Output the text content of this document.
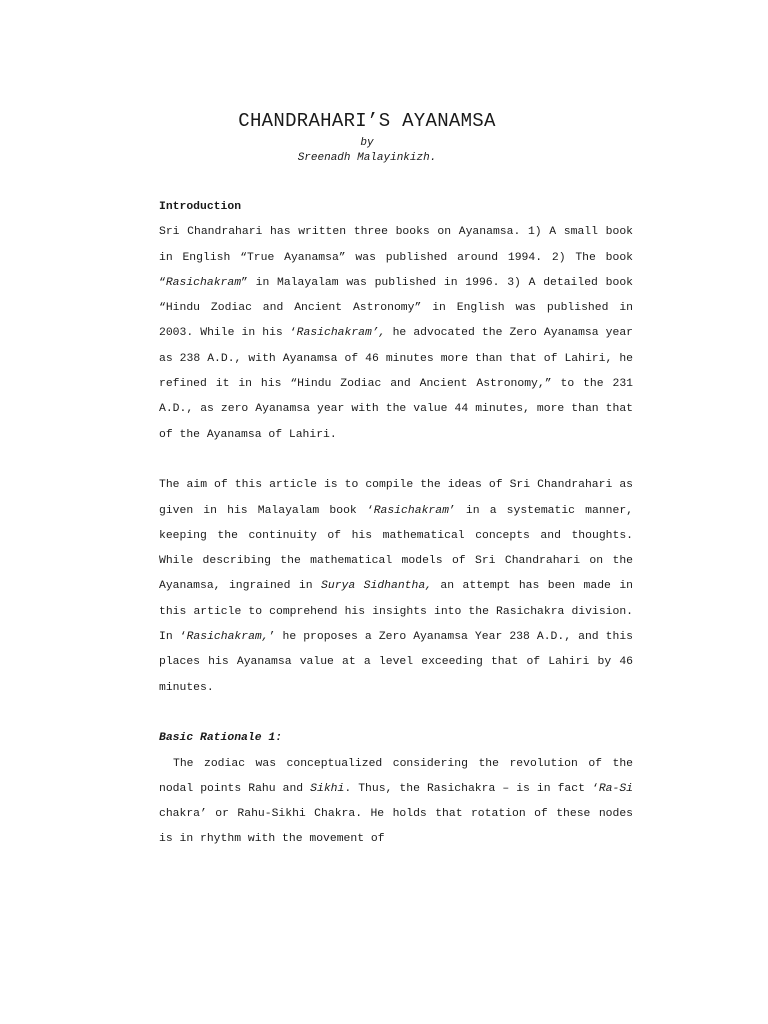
CHANDRAHARI’S AYANAMSA

by

Sreenadh Malayinkizh.

Introduction

Sri Chandrahari has written three books on Ayanamsa. 1) A small book in English “True Ayanamsa” was published around 1994. 2) The book “Rasichakram” in Malayalam was published in 1996. 3) A detailed book “Hindu Zodiac and Ancient Astronomy” in English was published in 2003. While in his ‘Rasichakram’, he advocated the Zero Ayanamsa year as 238 A.D., with Ayanamsa of 46 minutes more than that of Lahiri, he refined it in his “Hindu Zodiac and Ancient Astronomy,” to the 231 A.D., as zero Ayanamsa year with the value 44 minutes, more than that of the Ayanamsa of Lahiri.

The aim of this article is to compile the ideas of Sri Chandrahari as given in his Malayalam book ‘Rasichakram’ in a systematic manner, keeping the continuity of his mathematical concepts and thoughts. While describing the mathematical models of Sri Chandrahari on the Ayanamsa, ingrained in Surya Sidhantha, an attempt has been made in this article to comprehend his insights into the Rasichakra division. In ‘Rasichakram,’ he proposes a Zero Ayanamsa Year 238 A.D., and this places his Ayanamsa value at a level exceeding that of Lahiri by 46 minutes.

Basic Rationale 1:

The zodiac was conceptualized considering the revolution of the nodal points Rahu and Sikhi. Thus, the Rasichakra – is in fact ‘Ra-Si chakra’ or Rahu-Sikhi Chakra. He holds that rotation of these nodes is in rhythm with the movement of
